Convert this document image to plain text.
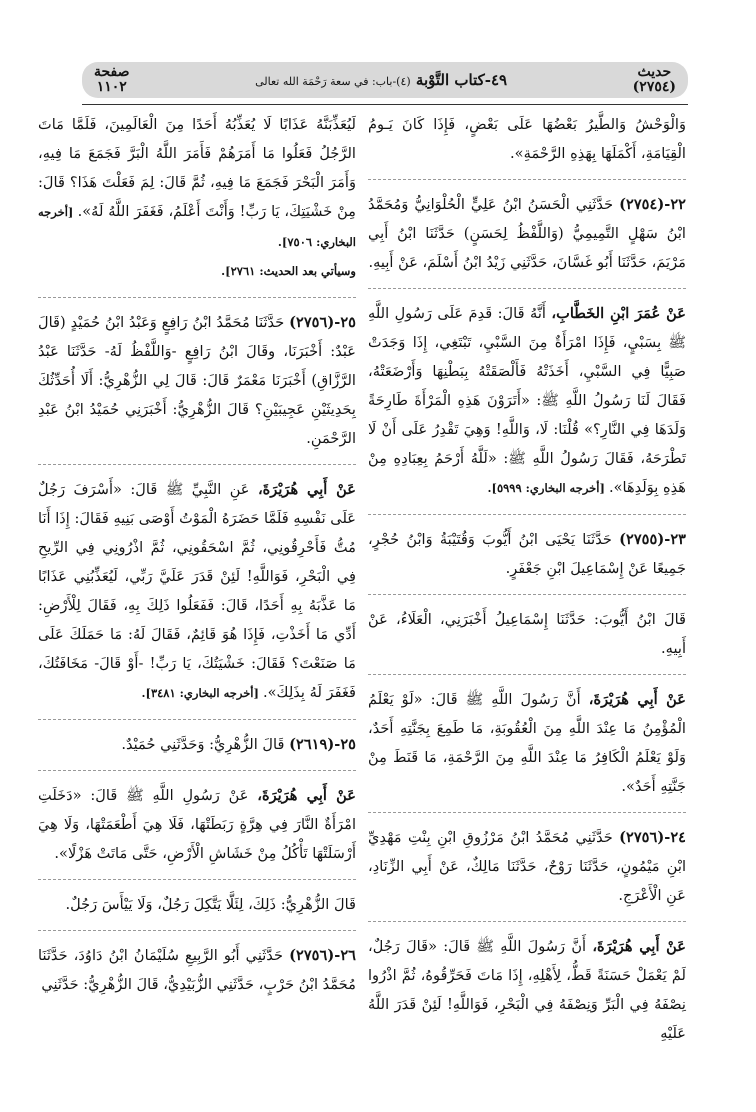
حديث
(٢٧٥٤)
٤٩-كتاب التَّوْبة (٤)-باب: في سعة رَحْمَة الله تعالى
صفحة
١١٠٢

وَالْوَحْشُ وَالطَّيرُ بَعْضُهَا عَلَى بَعْضٍ، فَإِذَا كَانَ يَـومُ الْقِيَامَةِ، أَكْمَلَهَا بِهَذِهِ الرَّحْمَةِ».

٢٢-(٢٧٥٤) حَدَّثَنِي الْحَسَنُ ابْنُ عَلِيٍّ الْحُلْوَانِيُّ وَمُحَمَّدُ ابْنُ سَهْلٍ التَّمِيمِيُّ (وَاللَّفْظُ لِحَسَنٍ) حَدَّثَنَا ابْنُ أَبِي مَرْيَمَ، حَدَّثَنَا أَبُو غَسَّانَ، حَدَّثَنِي زَيْدُ ابْنُ أَسْلَمَ، عَنْ أَبِيهِ.

عَنْ عُمَرَ ابْنِ الخَطَّابِ، أَنَّهُ قَالَ: قَدِمَ عَلَى رَسُولِ اللَّهِ ﷺ بِسَبْيٍ، فَإِذَا امْرَأَةٌ مِنَ السَّبْيِ، تَبْتَغِي، إِذَا وَجَدَتْ صَبِيًّا فِي السَّبْيِ، أَخَذَتْهُ فَأَلْصَقَتْهُ بِبَطْنِهَا وَأَرْضَعَتْهُ، فَقَالَ لَنَا رَسُولُ اللَّهِ ﷺ: «أَتَرَوْنَ هَذِهِ الْمَرْأَةَ طَارِحَةً وَلَدَهَا فِي النَّارِ؟» قُلْنَا: لَا، وَاللَّهِ! وَهِيَ تَقْدِرُ عَلَى أَنْ لَا تَطْرَحَهُ، فَقَالَ رَسُولُ اللَّهِ ﷺ: «لَلَّهُ أَرْحَمُ بِعِبَادِهِ مِنْ هَذِهِ بِوَلَدِهَا». [أخرجه البخاري: ٥٩٩٩].

٢٣-(٢٧٥٥) حَدَّثَنَا يَحْيَى ابْنُ أَيُّوبَ وَقُتَيْبَةُ وَابْنُ حُجْرٍ، جَمِيعًا عَنْ إِسْمَاعِيلَ ابْنِ جَعْفَرٍ.

قَالَ ابْنُ أَيُّوبَ: حَدَّثَنَا إِسْمَاعِيلُ أَخْبَرَنِي، الْعَلَاءُ، عَنْ أَبِيهِ.

عَنْ أَبِي هُرَيْرَةَ، أَنَّ رَسُولَ اللَّهِ ﷺ قَالَ: «لَوْ يَعْلَمُ الْمُؤْمِنُ مَا عِنْدَ اللَّهِ مِنَ الْعُقُوبَةِ، مَا طَمِعَ بِجَنَّتِهِ أَحَدٌ، وَلَوْ يَعْلَمُ الْكَافِرُ مَا عِنْدَ اللَّهِ مِنَ الرَّحْمَةِ، مَا قَنَطَ مِنْ جَنَّتِهِ أَحَدٌ».

٢٤-(٢٧٥٦) حَدَّثَنِي مُحَمَّدُ ابْنُ مَرْزُوقِ ابْنِ بِنْتِ مَهْدِيِّ ابْنِ مَيْمُونٍ، حَدَّثَنَا رَوْحٌ، حَدَّثَنَا مَالِكٌ، عَنْ أَبِي الزِّنَادِ، عَنِ الْأَعْرَجِ.

عَنْ أَبِي هُرَيْرَةَ، أَنَّ رَسُولَ اللَّهِ ﷺ قَالَ: «قَالَ رَجُلٌ، لَمْ يَعْمَلْ حَسَنَةً قَطُّ، لِأَهْلِهِ، إِذَا مَاتَ فَحَرِّقُوهُ، ثُمَّ اذْرُوا نِصْفَهُ فِي الْبَرِّ وَنِصْفَهُ فِي الْبَحْرِ، فَوَاللَّهِ! لَئِنْ قَدَرَ اللَّهُ عَلَيْهِ

لَيُعَذِّبَنَّهُ عَذَابًا لَا يُعَذِّبُهُ أَحَدًا مِنَ الْعَالَمِينَ، فَلَمَّا مَاتَ الرَّجُلُ فَعَلُوا مَا أَمَرَهُمْ فَأَمَرَ اللَّهُ الْبَرَّ فَجَمَعَ مَا فِيهِ، وَأَمَرَ الْبَحْرَ فَجَمَعَ مَا فِيهِ، ثُمَّ قَالَ: لِمَ فَعَلْتَ هَذَا؟ قَالَ: مِنْ خَشْيَتِكَ، يَا رَبِّ! وَأَنْتَ أَعْلَمُ، فَغَفَرَ اللَّهُ لَهُ». [أخرجه البخاري: ٧٥٠٦].
وسيأتي بعد الحديث: ٢٧٦١].

٢٥-(٢٧٥٦) حَدَّثَنَا مُحَمَّدُ ابْنُ رَافِعٍ وَعَبْدُ ابْنُ حُمَيْدٍ (قَالَ عَبْدٌ: أَخْبَرَنَا، وقَالَ ابْنُ رَافِعٍ -وَاللَّفْظُ لَهُ- حَدَّثَنَا عَبْدُ الرَّزَّاقِ) أَخْبَرَنَا مَعْمَرٌ قَالَ: قَالَ لِي الزُّهْرِيُّ: أَلَا أُحَدِّثُكَ بِحَدِيثَيْنِ عَجِيبَيْنِ؟ قَالَ الزُّهْرِيُّ: أَخْبَرَنِي حُمَيْدُ ابْنُ عَبْدِ الرَّحْمَنِ.

عَنْ أَبِي هُرَيْرَةَ، عَنِ النَّبِيِّ ﷺ قَالَ: «أَسْرَفَ رَجُلٌ عَلَى نَفْسِهِ فَلَمَّا حَضَرَهُ الْمَوْتُ أَوْصَى بَنِيهِ فَقَالَ: إِذَا أَنَا مُتُّ فَأَحْرِقُونِي، ثُمَّ اسْحَقُونِي، ثُمَّ اذْرُونِي فِي الرِّيحِ فِي الْبَحْرِ، فَوَاللَّهِ! لَئِنْ قَدَرَ عَلَيَّ رَبِّي، لَيُعَذِّبُنِي عَذَابًا مَا عَذَّبَهُ بِهِ أَحَدًا، قَالَ: فَفَعَلُوا ذَلِكَ بِهِ، فَقَالَ لِلْأَرْضِ: أَدِّي مَا أَخَذْتِ، فَإِذَا هُوَ قَائِمٌ، فَقَالَ لَهُ: مَا حَمَلَكَ عَلَى مَا صَنَعْتَ؟ فَقَالَ: خَشْيَتُكَ، يَا رَبِّ! -أَوْ قَالَ- مَخَافَتُكَ، فَغَفَرَ لَهُ بِذَلِكَ». [أخرجه البخاري: ٣٤٨١].

٢٥-(٢٦١٩) قَالَ الزُّهْرِيُّ: وَحَدَّثَنِي حُمَيْدٌ.

عَنْ أَبِي هُرَيْرَةَ، عَنْ رَسُولِ اللَّهِ ﷺ قَالَ: «دَخَلَتِ امْرَأَةٌ النَّارَ فِي هِرَّةٍ رَبَطَتْهَا، فَلَا هِيَ أَطْعَمَتْهَا، وَلَا هِيَ أَرْسَلَتْهَا تَأْكُلُ مِنْ خَشَاشِ الْأَرْضِ، حَتَّى مَاتَتْ هَزْلًا».

قَالَ الزُّهْرِيُّ: ذَلِكَ، لِئَلَّا يَتَّكِلَ رَجُلٌ، وَلَا يَيْأَسَ رَجُلٌ.

٢٦-(٢٧٥٦) حَدَّثَنِي أَبُو الرَّبِيعِ سُلَيْمَانُ ابْنُ دَاوُدَ، حَدَّثَنَا مُحَمَّدُ ابْنُ حَرْبٍ، حَدَّثَنِي الزُّبَيْدِيُّ، قَالَ الزُّهْرِيُّ: حَدَّثَنِي
